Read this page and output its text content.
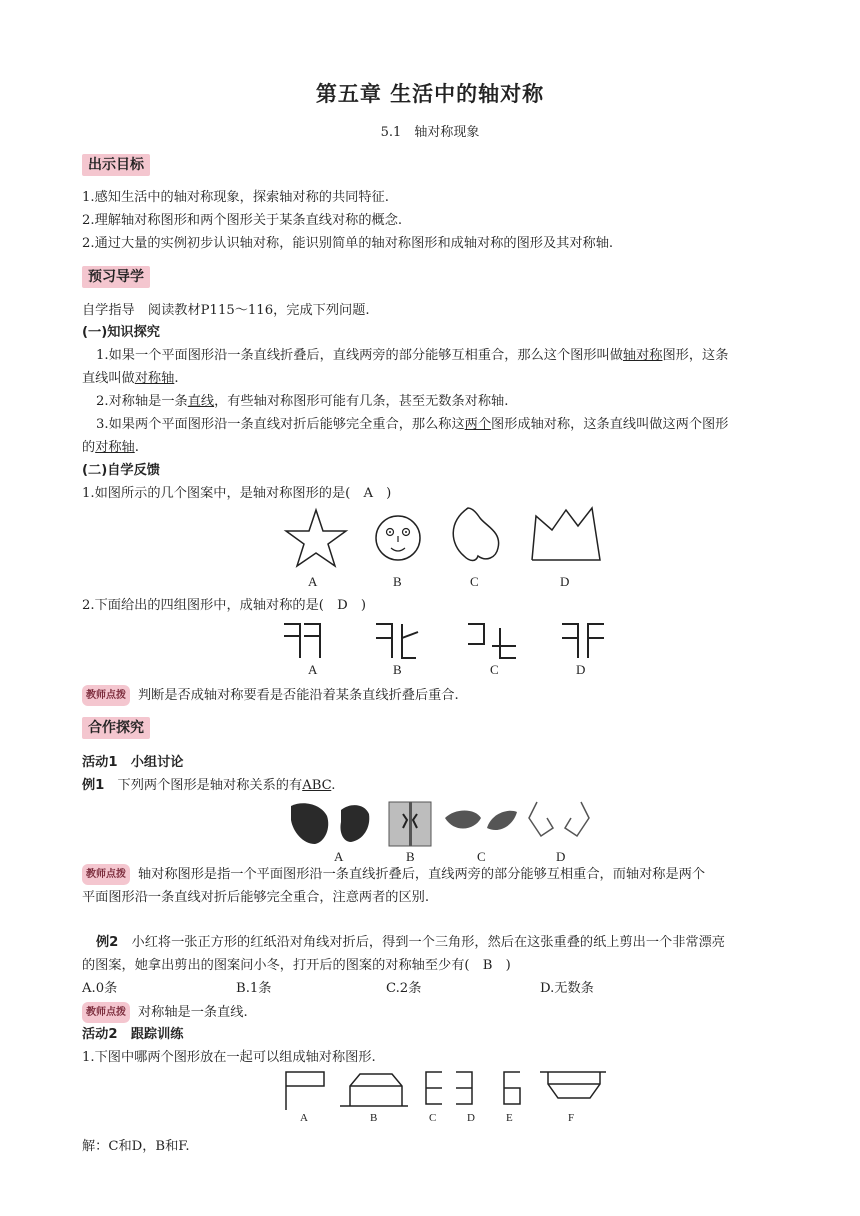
第五章 生活中的轴对称
5.1　轴对称现象
出示目标
1.感知生活中的轴对称现象，探索轴对称的共同特征.
2.理解轴对称图形和两个图形关于某条直线对称的概念.
2.通过大量的实例初步认识轴对称，能识别简单的轴对称图形和成轴对称的图形及其对称轴.
预习导学
自学指导　阅读教材P115～116，完成下列问题.
(一)知识探究
1.如果一个平面图形沿一条直线折叠后，直线两旁的部分能够互相重合，那么这个图形叫做轴对称图形，这条
直线叫做对称轴.
2.对称轴是一条直线，有些轴对称图形可能有几条，甚至无数条对称轴.
3.如果两个平面图形沿一条直线对折后能够完全重合，那么称这两个图形成轴对称，这条直线叫做这两个图形
的对称轴.
(二)自学反馈
1.如图所示的几个图案中，是轴对称图形的是(　A　)
A	B	C	D
2.下面给出的四组图形中，成轴对称的是(　D　)
A	B	C	D
教师点拨 判断是否成轴对称要看是否能沿着某条直线折叠后重合.
合作探究
活动1　小组讨论
例1　下列两个图形是轴对称关系的有ABC.
A	B	C	D
教师点拨 轴对称图形是指一个平面图形沿一条直线折叠后，直线两旁的部分能够互相重合，而轴对称是两个
平面图形沿一条直线对折后能够完全重合，注意两者的区别.
例2　小红将一张正方形的红纸沿对角线对折后，得到一个三角形，然后在这张重叠的纸上剪出一个非常漂亮
的图案，她拿出剪出的图案问小冬，打开后的图案的对称轴至少有(　B　)
A.0条	B.1条	C.2条	D.无数条
教师点拨 对称轴是一条直线.
活动2　跟踪训练
1.下图中哪两个图形放在一起可以组成轴对称图形.
A	B	C	D	E	F
解：C和D，B和F.
